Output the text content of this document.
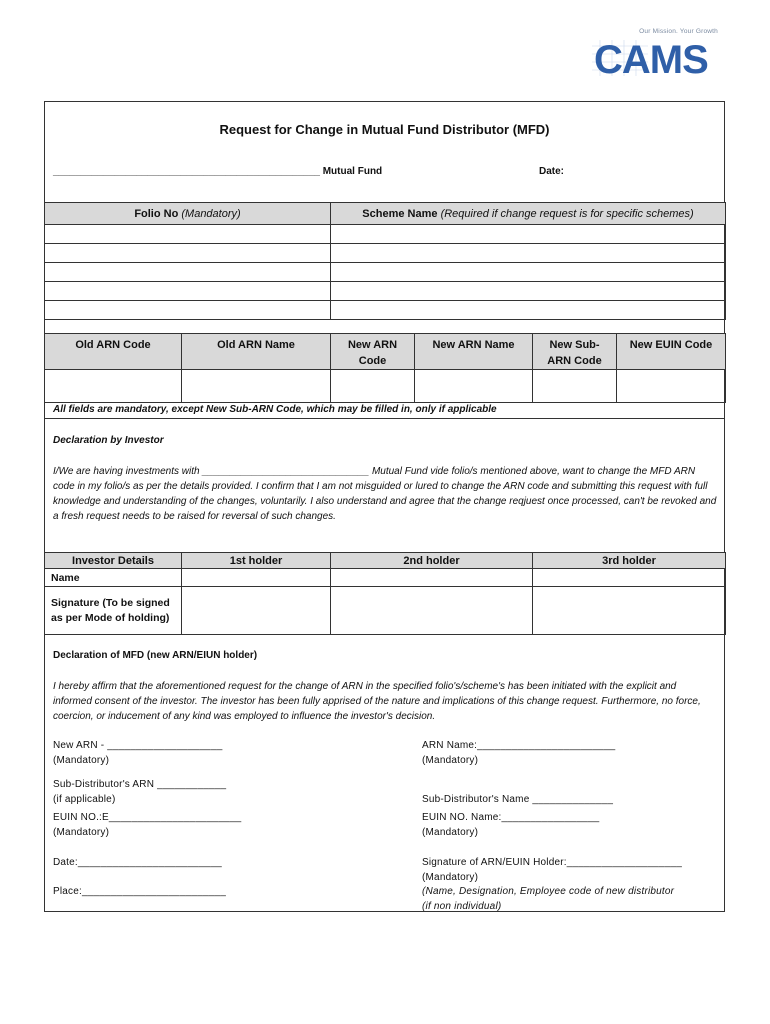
Our Mission. Your Growth
CAMS
Request for Change in Mutual Fund Distributor (MFD)
________________________________________________ Mutual Fund	Date:
Folio No (Mandatory)	Scheme Name (Required if change request is for specific schemes)

Old ARN Code	Old ARN Name	New ARN Code	New ARN Name	New Sub-ARN Code	New EUIN Code

All fields are mandatory, except New Sub-ARN Code, which may be filled in, only if applicable
Declaration by Investor
I/We are having investments with ______________________________ Mutual Fund vide folio/s mentioned above, want to change the MFD ARN code in my folio/s as per the details provided. I confirm that I am not misguided or lured to change the ARN code and submitting this request with full knowledge and understanding of the changes, voluntarily. I also understand and agree that the change reqjuest once processed, can't be revoked and a fresh request needs to be raised for reversal of such changes.
Investor Details	1st holder	2nd holder	3rd holder
Name			
Signature (To be signed as per Mode of holding)			
Declaration of MFD (new ARN/EIUN holder)
I hereby affirm that the aforementioned request for the change of ARN in the specified folio's/scheme's has been initiated with the explicit and informed consent of the investor. The investor has been fully apprised of the nature and implications of this change request. Furthermore, no force, coercion, or inducement of any kind was employed to influence the investor's decision.
New ARN - ____________________
(Mandatory)
Sub-Distributor's ARN ____________
(if applicable)
EUIN NO.:E_______________________
(Mandatory)
Date:_________________________
Place:_________________________
ARN Name:________________________
(Mandatory)
Sub-Distributor's Name ______________
EUIN NO. Name:_________________
(Mandatory)
Signature of ARN/EUIN Holder:____________________
(Mandatory)
(Name, Designation, Employee code of new distributor
(if non individual)
